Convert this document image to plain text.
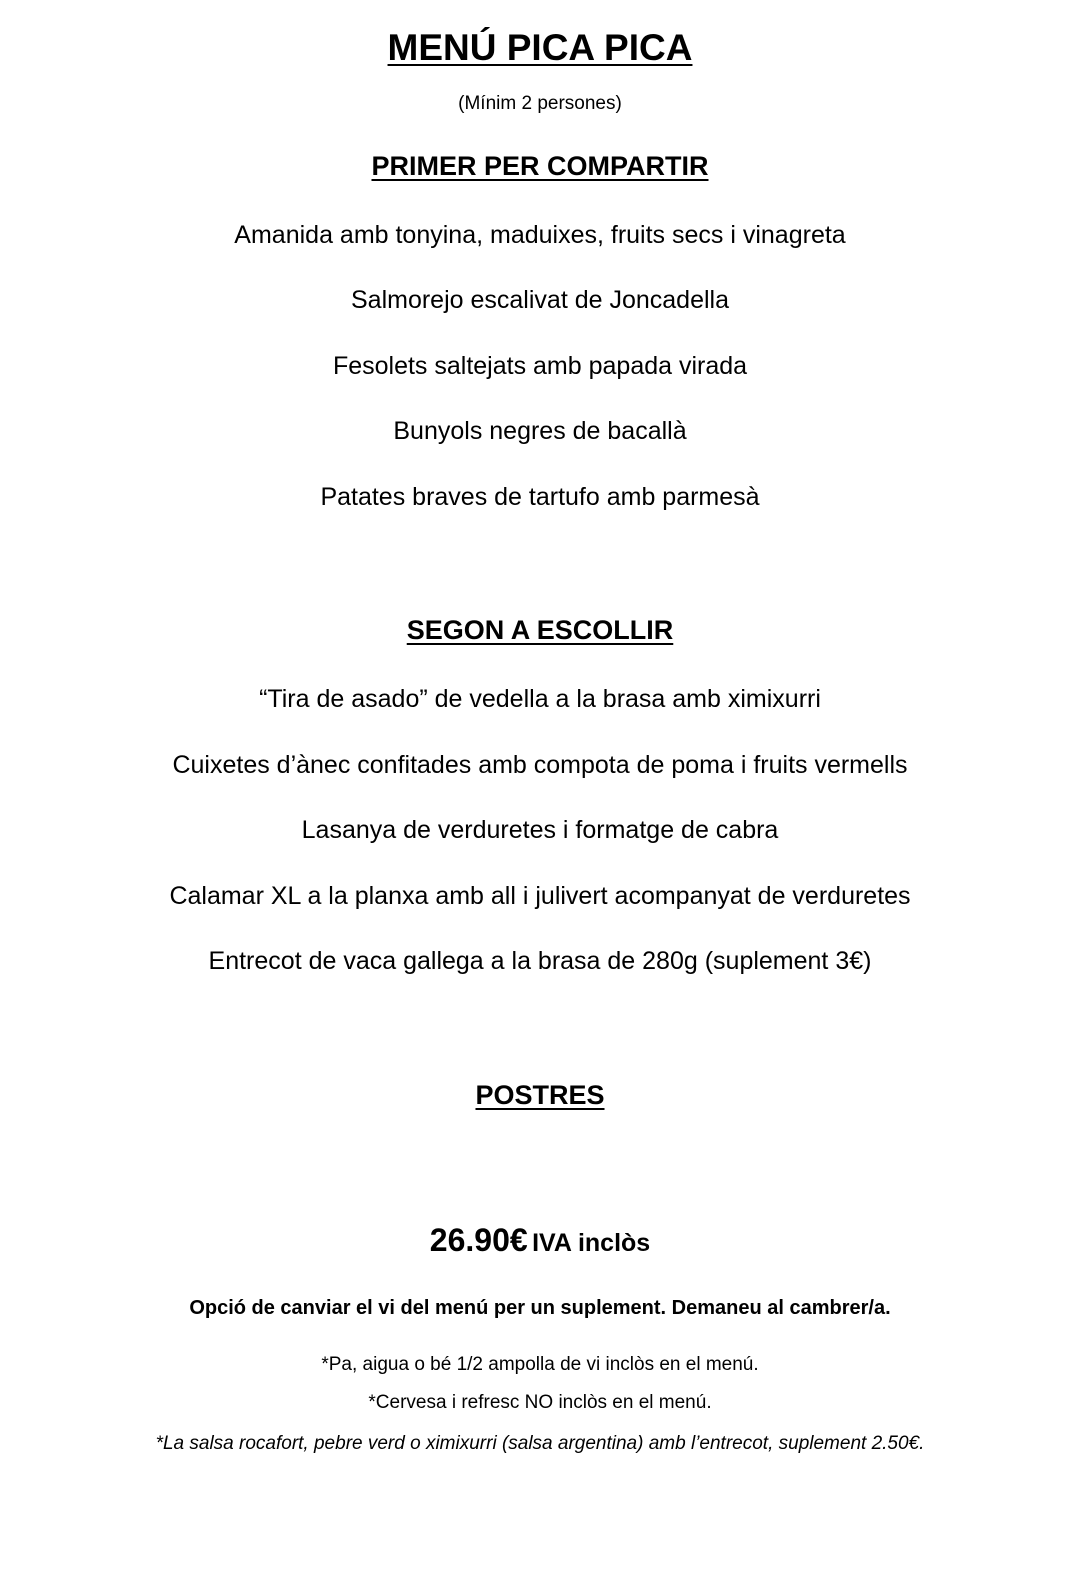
MENÚ PICA PICA
(Mínim 2 persones)
PRIMER PER COMPARTIR
Amanida amb tonyina, maduixes, fruits secs i vinagreta
Salmorejo escalivat de Joncadella
Fesolets saltejats amb papada virada
Bunyols negres de bacallà
Patates braves de tartufo amb parmesà
SEGON A ESCOLLIR
“Tira de asado” de vedella a la brasa amb ximixurri
Cuixetes d’ànec confitades amb compota de poma i fruits vermells
Lasanya de verduretes i formatge de cabra
Calamar XL a la planxa amb all i julivert acompanyat de verduretes
Entrecot de vaca gallega a la brasa de 280g (suplement 3€)
POSTRES
26.90€ IVA inclòs
Opció de canviar el vi del menú per un suplement. Demaneu al cambrer/a.
*Pa, aigua o bé 1/2 ampolla de vi inclòs en el menú.
*Cervesa i refresc NO inclòs en el menú.
*La salsa rocafort, pebre verd o ximixurri (salsa argentina) amb l’entrecot, suplement 2.50€.
